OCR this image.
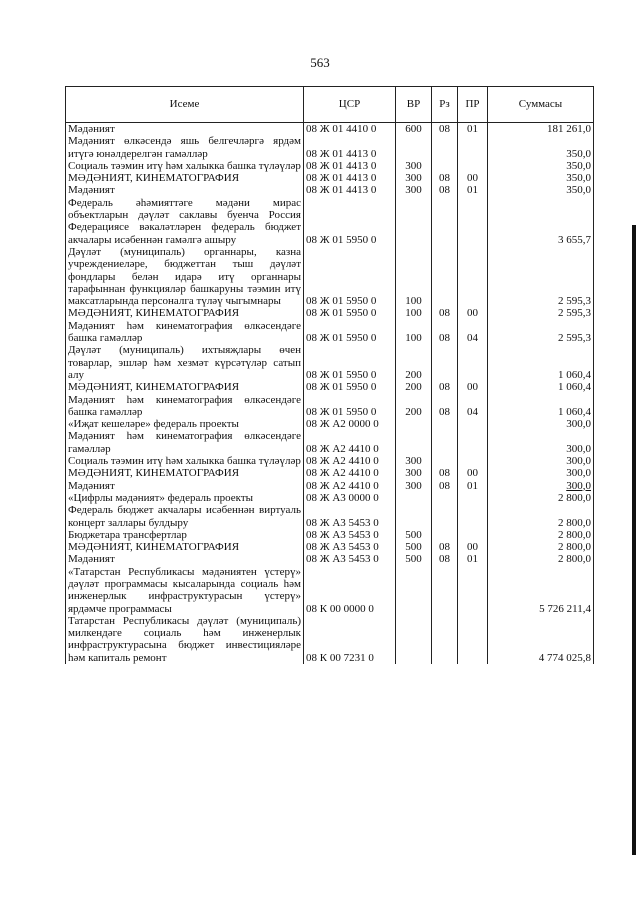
563
Исеме	ЦСР	ВР	Рз	ПР	Суммасы
Мәдәният	08 Ж 01 4410 0	600	08	01	181 261,0
Мәдәният өлкәсендә яшь белгечләргә ярдәм итүгә юнәлдерелгән гамәлләр	08 Ж 01 4413 0				350,0
Социаль тәэмин итү һәм халыкка башка түләүләр	08 Ж 01 4413 0	300			350,0
МӘДӘНИЯТ, КИНЕМАТОГРАФИЯ	08 Ж 01 4413 0	300	08	00	350,0
Мәдәният	08 Ж 01 4413 0	300	08	01	350,0
Федераль әһәмияттәге мәдәни мирас объектларын дәүләт саклавы буенча Россия Федерациясе вәкаләтләрен федераль бюджет акчалары исәбеннән гамәлгә ашыру	08 Ж 01 5950 0				3 655,7
Дәүләт (муниципаль) органнары, казна учреждениеләре, бюджеттан тыш дәүләт фондлары белән идарә итү органнары тарафыннан функцияләр башкаруны тәэмин итү максатларында персоналга түләү чыгымнары	08 Ж 01 5950 0	100			2 595,3
МӘДӘНИЯТ, КИНЕМАТОГРАФИЯ	08 Ж 01 5950 0	100	08	00	2 595,3
Мәдәният һәм кинематография өлкәсендәге башка гамәлләр	08 Ж 01 5950 0	100	08	04	2 595,3
Дәүләт (муниципаль) ихтыяҗлары өчен товарлар, эшләр һәм хезмәт күрсәтүләр сатып алу	08 Ж 01 5950 0	200			1 060,4
МӘДӘНИЯТ, КИНЕМАТОГРАФИЯ	08 Ж 01 5950 0	200	08	00	1 060,4
Мәдәният һәм кинематография өлкәсендәге башка гамәлләр	08 Ж 01 5950 0	200	08	04	1 060,4
«Иҗат кешеләре» федераль проекты	08 Ж А2 0000 0				300,0
Мәдәният һәм кинематография өлкәсендәге гамәлләр	08 Ж А2 4410 0				300,0
Социаль тәэмин итү һәм халыкка башка түләүләр	08 Ж А2 4410 0	300			300,0
МӘДӘНИЯТ, КИНЕМАТОГРАФИЯ	08 Ж А2 4410 0	300	08	00	300,0
Мәдәният	08 Ж А2 4410 0	300	08	01	300,0
«Цифрлы мәдәният» федераль проекты	08 Ж А3 0000 0				2 800,0
Федераль бюджет акчалары исәбеннән виртуаль концерт заллары булдыру	08 Ж А3 5453 0				2 800,0
Бюджетара трансфертлар	08 Ж А3 5453 0	500			2 800,0
МӘДӘНИЯТ, КИНЕМАТОГРАФИЯ	08 Ж А3 5453 0	500	08	00	2 800,0
Мәдәният	08 Ж А3 5453 0	500	08	01	2 800,0
«Татарстан Республикасы мәдәниятен үстерү» дәүләт программасы кысаларында социаль һәм инженерлык инфраструктурасын үстерү» ярдәмче программасы	08 К 00 0000 0				5 726 211,4
Татарстан Республикасы дәүләт (муниципаль) милкендәге социаль һәм инженерлык инфраструктурасына бюджет инвестицияләре һәм капиталь ремонт	08 К 00 7231 0				4 774 025,8
